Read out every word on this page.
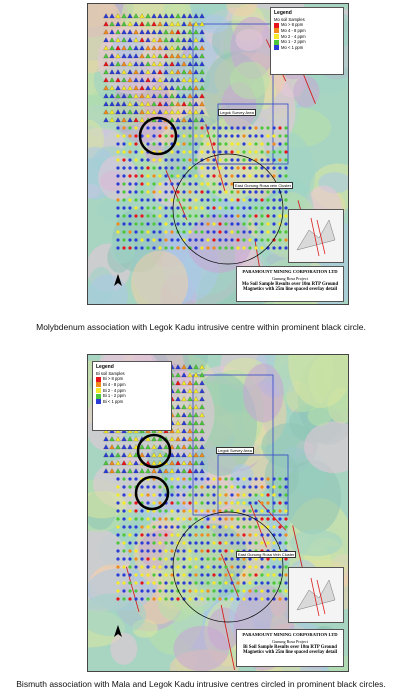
Legend
Mo soil Samples
Mo > 8 ppm
Mo 4 - 8 ppm
Mo 2 - 4 ppm
Mo 1 - 2 ppm
Mo < 1 ppm
Legok Survey Area
East Gunung Rosa vein Cluster
PARAMOUNT MINING CORPORATION LTD
Gunung Rosa Project
Mo Soil Sample Results over 10m RTP Ground Magnetics with 25m line spaced overlay detail
Molybdenum association with Legok Kadu intrusive centre within prominent black circle.
Legend
Bi soil Samples
Bi > 8 ppm
Bi 4 - 8 ppm
Bi 2 - 4 ppm
Bi 1 - 2 ppm
Bi < 1 ppm
Legok Survey Area
East Gunung Rosa Vein Cluster
PARAMOUNT MINING CORPORATION LTD
Gunung Rosa Project
Bi Soil Sample Results over 10m RTP Ground Magnetics with 25m line spaced overlay detail
Bismuth association with Mala and Legok Kadu intrusive centres circled in prominent black circles.
